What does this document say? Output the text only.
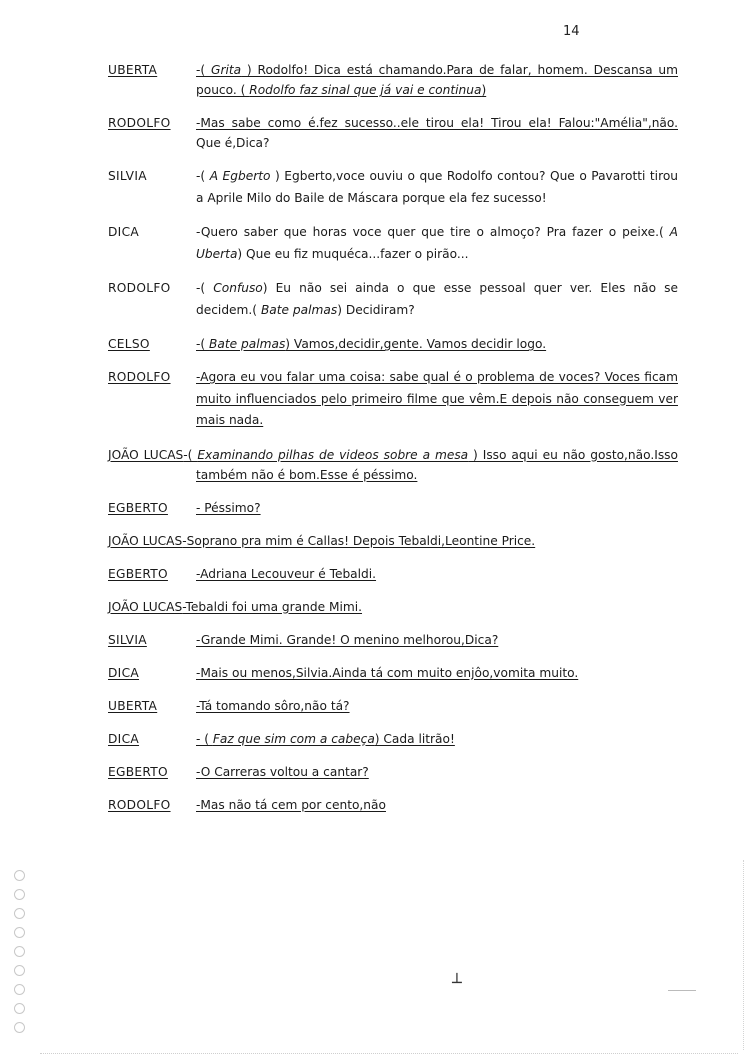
14
UBERTA	-( Grita ) Rodolfo! Dica está chamando.Para de falar, homem. Descansa um pouco. ( Rodolfo faz sinal que já vai e continua)
RODOLFO	-Mas sabe como é.fez sucesso..ele tirou ela! Tirou ela! Falou:"Amélia",não. Que é,Dica?
SILVIA	-( A Egberto ) Egberto,voce ouviu o que Rodolfo contou? Que o Pavarotti tirou a Aprile Milo do Baile de Máscara porque ela fez sucesso!
DICA	-Quero saber que horas voce quer que tire o almoço? Pra fazer o peixe.( A Uberta) Que eu fiz muquéca...fazer o pirão...
RODOLFO	-( Confuso) Eu não sei ainda o que esse pessoal quer ver. Eles não se decidem.( Bate palmas) Decidiram?
CELSO	-( Bate palmas) Vamos,decidir,gente. Vamos decidir logo.
RODOLFO	-Agora eu vou falar uma coisa: sabe qual é o problema de voces? Voces ficam muito influenciados pelo primeiro filme que vêm.E depois não conseguem ver mais nada.
JOÃO LUCAS-( Examinando pilhas de videos sobre a mesa ) Isso aqui eu não gosto,não.Isso também não é bom.Esse é péssimo.
EGBERTO	- Péssimo?
JOÃO LUCAS-Soprano pra mim é Callas! Depois Tebaldi,Leontine Price.
EGBERTO	-Adriana Lecouveur é Tebaldi.
JOÃO LUCAS-Tebaldi foi uma grande Mimi.
SILVIA	-Grande Mimi. Grande! O menino melhorou,Dica?
DICA	-Mais ou menos,Silvia.Ainda tá com muito enjôo,vomita muito.
UBERTA	-Tá tomando sôro,não tá?
DICA	- ( Faz que sim com a cabeça) Cada litrão!
EGBERTO	-O Carreras voltou a cantar?
RODOLFO	-Mas não tá cem por cento,não
┴
